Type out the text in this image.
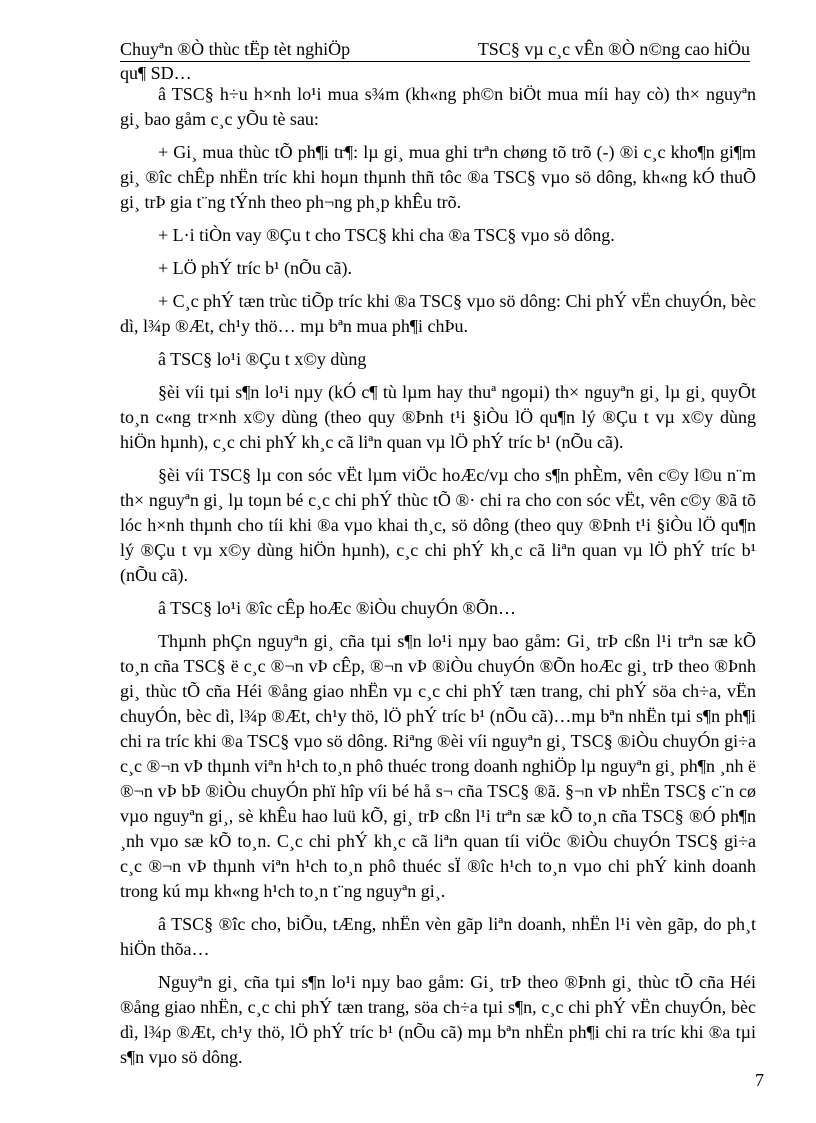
Chuyªn ®Ò thùc tËp tèt nghiÖp	TSC§ vµ c¸c vÊn ®Ò n©ng cao hiÖu
qu¶ SD…

â TSC§ h÷u h×nh lo¹i mua s¾m (kh«ng ph©n biÖt mua míi hay cò) th× nguyªn gi¸ bao gåm c¸c yÕu tè sau:

+ Gi¸ mua thùc tÕ ph¶i tr¶: lµ gi¸ mua ghi trªn chøng tõ trõ (-) ®i c¸c kho¶n gi¶m gi¸ ®îc chÊp nhËn tríc khi hoµn thµnh thñ tôc ®a TSC§ vµo sö dông, kh«ng kÓ thuÕ gi¸ trÞ gia t¨ng tÝnh theo ph¬ng ph¸p khÊu trõ.

+ L·i tiÒn vay ®Çu t cho TSC§ khi cha ®a TSC§ vµo sö dông.

+ LÖ phÝ tríc b¹ (nÕu cã).

+ C¸c phÝ tæn trùc tiÕp tríc khi ®a TSC§ vµo sö dông: Chi phÝ vËn chuyÓn, bèc dì, l¾p ®Æt, ch¹y thö… mµ bªn mua ph¶i chÞu.

â TSC§ lo¹i ®Çu t x©y dùng

§èi víi tµi s¶n lo¹i nµy (kÓ c¶ tù lµm hay thuª ngoµi) th× nguyªn gi¸ lµ gi¸ quyÕt to¸n c«ng tr×nh x©y dùng (theo quy ®Þnh t¹i §iÒu lÖ qu¶n lý ®Çu t vµ x©y dùng hiÖn hµnh), c¸c chi phÝ kh¸c cã liªn quan vµ lÖ phÝ tríc b¹ (nÕu cã).

§èi víi TSC§ lµ con sóc vËt lµm viÖc hoÆc/vµ cho s¶n phÈm, vên c©y l©u n¨m th× nguyªn gi¸ lµ toµn bé c¸c chi phÝ thùc tÕ ®· chi ra cho con sóc vËt, vên c©y ®ã tõ lóc h×nh thµnh cho tíi khi ®a vµo khai th¸c, sö dông (theo quy ®Þnh t¹i §iÒu lÖ qu¶n lý ®Çu t vµ x©y dùng hiÖn hµnh), c¸c chi phÝ kh¸c cã liªn quan vµ lÖ phÝ tríc b¹ (nÕu cã).

â TSC§ lo¹i ®îc cÊp hoÆc ®iÒu chuyÓn ®Õn…

Thµnh phÇn nguyªn gi¸ cña tµi s¶n lo¹i nµy bao gåm: Gi¸ trÞ cßn l¹i trªn sæ kÕ to¸n cña TSC§ ë c¸c ®¬n vÞ cÊp, ®¬n vÞ ®iÒu chuyÓn ®Õn hoÆc gi¸ trÞ theo ®Þnh gi¸ thùc tÕ cña Héi ®ång giao nhËn vµ c¸c chi phÝ tæn trang, chi phÝ söa ch÷a, vËn chuyÓn, bèc dì, l¾p ®Æt, ch¹y thö, lÖ phÝ tríc b¹ (nÕu cã)…mµ bªn nhËn tµi s¶n ph¶i chi ra tríc khi ®a TSC§ vµo sö dông. Riªng ®èi víi nguyªn gi¸ TSC§ ®iÒu chuyÓn gi÷a c¸c ®¬n vÞ thµnh viªn h¹ch to¸n phô thuéc trong doanh nghiÖp lµ nguyªn gi¸ ph¶n ¸nh ë ®¬n vÞ bÞ ®iÒu chuyÓn phï hîp víi bé hå s¬ cña TSC§ ®ã. §¬n vÞ nhËn TSC§ c¨n cø vµo nguyªn gi¸, sè khÊu hao luü kÕ, gi¸ trÞ cßn l¹i trªn sæ kÕ to¸n cña TSC§ ®Ó ph¶n ¸nh vµo sæ kÕ to¸n. C¸c chi phÝ kh¸c cã liªn quan tíi viÖc ®iÒu chuyÓn TSC§ gi÷a c¸c ®¬n vÞ thµnh viªn h¹ch to¸n phô thuéc sÏ ®îc h¹ch to¸n vµo chi phÝ kinh doanh trong kú mµ kh«ng h¹ch to¸n t¨ng nguyªn gi¸.

â TSC§ ®îc cho, biÕu, tÆng, nhËn vèn gãp liªn doanh, nhËn l¹i vèn gãp, do ph¸t hiÖn thõa…

Nguyªn gi¸ cña tµi s¶n lo¹i nµy bao gåm: Gi¸ trÞ theo ®Þnh gi¸ thùc tÕ cña Héi ®ång giao nhËn, c¸c chi phÝ tæn trang, söa ch÷a tµi s¶n, c¸c chi phÝ vËn chuyÓn, bèc dì, l¾p ®Æt, ch¹y thö, lÖ phÝ tríc b¹ (nÕu cã) mµ bªn nhËn ph¶i chi ra tríc khi ®a tµi s¶n vµo sö dông.

7
